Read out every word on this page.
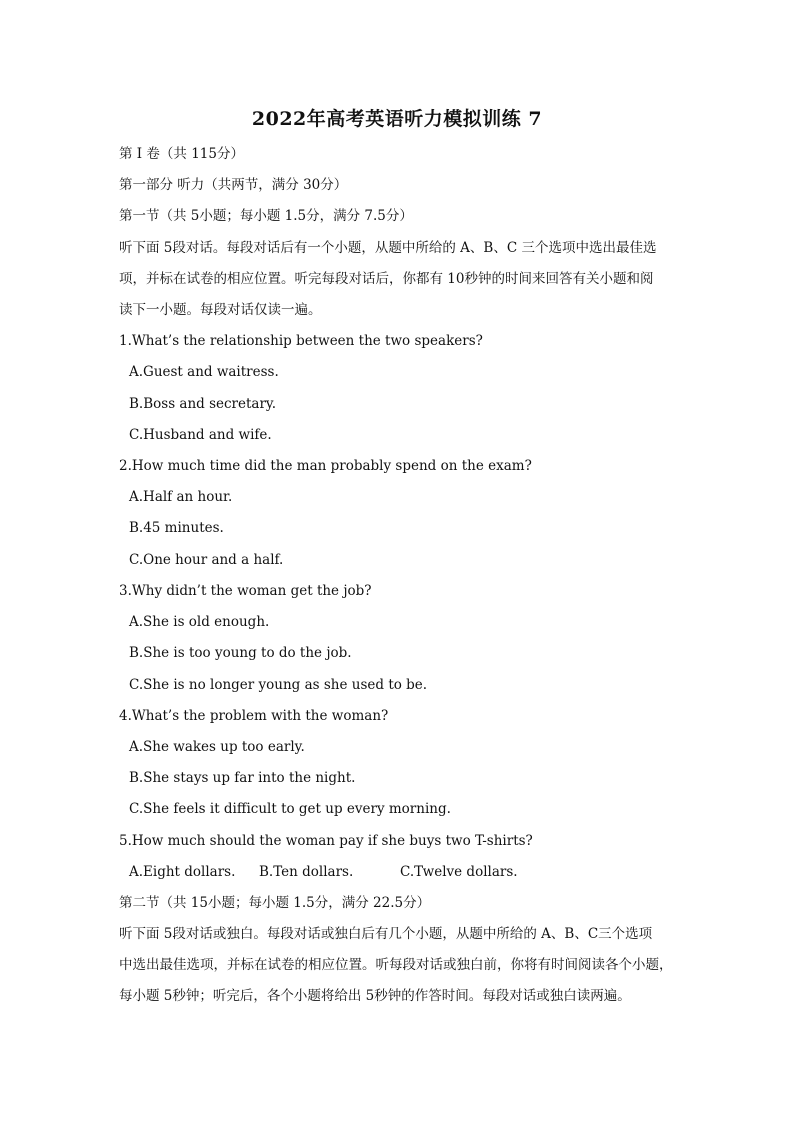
2022年高考英语听力模拟训练 7
第 I 卷（共 115分）
第一部分 听力（共两节，满分 30分）
第一节（共 5小题；每小题 1.5分，满分 7.5分）
听下面 5段对话。每段对话后有一个小题，从题中所给的 A、B、C 三个选项中选出最佳选
项，并标在试卷的相应位置。听完每段对话后，你都有 10秒钟的时间来回答有关小题和阅
读下一小题。每段对话仅读一遍。
1.What’s the relationship between the two speakers?
A.Guest and waitress.
B.Boss and secretary.
C.Husband and wife.
2.How much time did the man probably spend on the exam?
A.Half an hour.
B.45 minutes.
C.One hour and a half.
3.Why didn’t the woman get the job?
A.She is old enough.
B.She is too young to do the job.
C.She is no longer young as she used to be.
4.What’s the problem with the woman?
A.She wakes up too early.
B.She stays up far into the night.
C.She feels it difficult to get up every morning.
5.How much should the woman pay if she buys two T-shirts?
A.Eight dollars. B.Ten dollars.	C.Twelve dollars.
第二节（共 15小题；每小题 1.5分，满分 22.5分）
听下面 5段对话或独白。每段对话或独白后有几个小题，从题中所给的 A、B、C三个选项
中选出最佳选项，并标在试卷的相应位置。听每段对话或独白前，你将有时间阅读各个小题，
每小题 5秒钟；听完后，各个小题将给出 5秒钟的作答时间。每段对话或独白读两遍。
